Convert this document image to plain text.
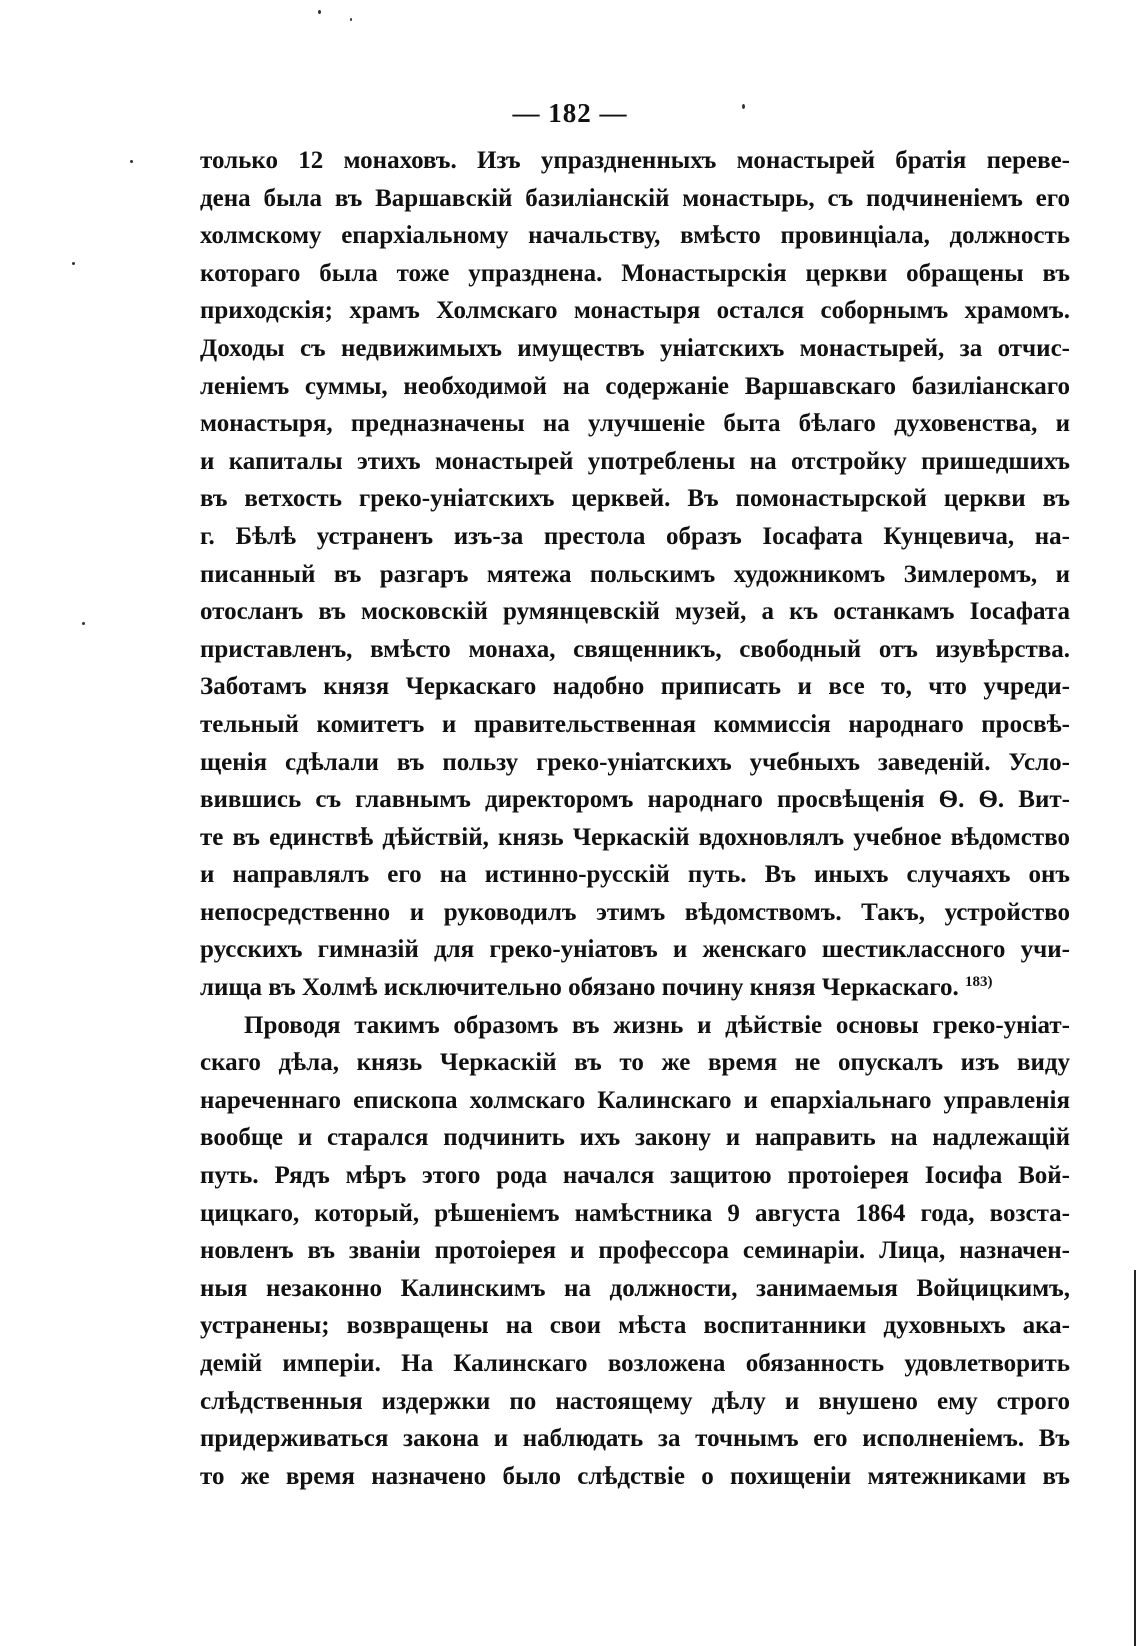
— 182 —
только 12 монаховъ. Изъ упраздненныхъ монастырей братія переве-
дена была въ Варшавскій базиліанскій монастырь, съ подчиненіемъ его
холмскому епархіальному начальству, вмѣсто провинціала, должность
котораго была тоже упразднена. Монастырскія церкви обращены въ
приходскія; храмъ Холмскаго монастыря остался соборнымъ храмомъ.
Доходы съ недвижимыхъ имуществъ уніатскихъ монастырей, за отчис-
леніемъ суммы, необходимой на содержаніе Варшавскаго базиліанскаго
монастыря, предназначены на улучшеніе быта бѣлаго духовенства, и
и капиталы этихъ монастырей употреблены на отстройку пришедшихъ
въ ветхость греко-уніатскихъ церквей. Въ помонастырской церкви въ
г. Бѣлѣ устраненъ изъ-за престола образъ Іосафата Кунцевича, на-
писанный въ разгаръ мятежа польскимъ художникомъ Зимлеромъ, и
отосланъ въ московскій румянцевскій музей, а къ останкамъ Іосафата
приставленъ, вмѣсто монаха, священникъ, свободный отъ изувѣрства.
Заботамъ князя Черкаскаго надобно приписать и все то, что учреди-
тельный комитетъ и правительственная коммиссія народнаго просвѣ-
щенія сдѣлали въ пользу греко-уніатскихъ учебныхъ заведеній. Усло-
вившись съ главнымъ директоромъ народнаго просвѣщенія Ѳ. Ѳ. Вит-
те въ единствѣ дѣйствій, князь Черкаскій вдохновлялъ учебное вѣдомство
и направлялъ его на истинно-русскій путь. Въ иныхъ случаяхъ онъ
непосредственно и руководилъ этимъ вѣдомствомъ. Такъ, устройство
русскихъ гимназій для греко-уніатовъ и женскаго шестиклассного учи-
лища въ Холмѣ исключительно обязано почину князя Черкаскаго. $^{183)}$
Проводя такимъ образомъ въ жизнь и дѣйствіе основы греко-уніат-
скаго дѣла, князь Черкаскій въ то же время не опускалъ изъ виду
нареченнаго епископа холмскаго Калинскаго и епархіальнаго управленія
вообще и старался подчинить ихъ закону и направить на надлежащій
путь. Рядъ мѣръ этого рода начался защитою протоіерея Іосифа Вой-
цицкаго, который, рѣшеніемъ намѣстника 9 августа 1864 года, возста-
новленъ въ званіи протоіерея и профессора семинаріи. Лица, назначен-
ныя незаконно Калинскимъ на должности, занимаемыя Войцицкимъ,
устранены; возвращены на свои мѣста воспитанники духовныхъ ака-
демій имперіи. На Калинскаго возложена обязанность удовлетворить
слѣдственныя издержки по настоящему дѣлу и внушено ему строго
придерживаться закона и наблюдать за точнымъ его исполненіемъ. Въ
то же время назначено было слѣдствіе о похищеніи мятежниками въ
